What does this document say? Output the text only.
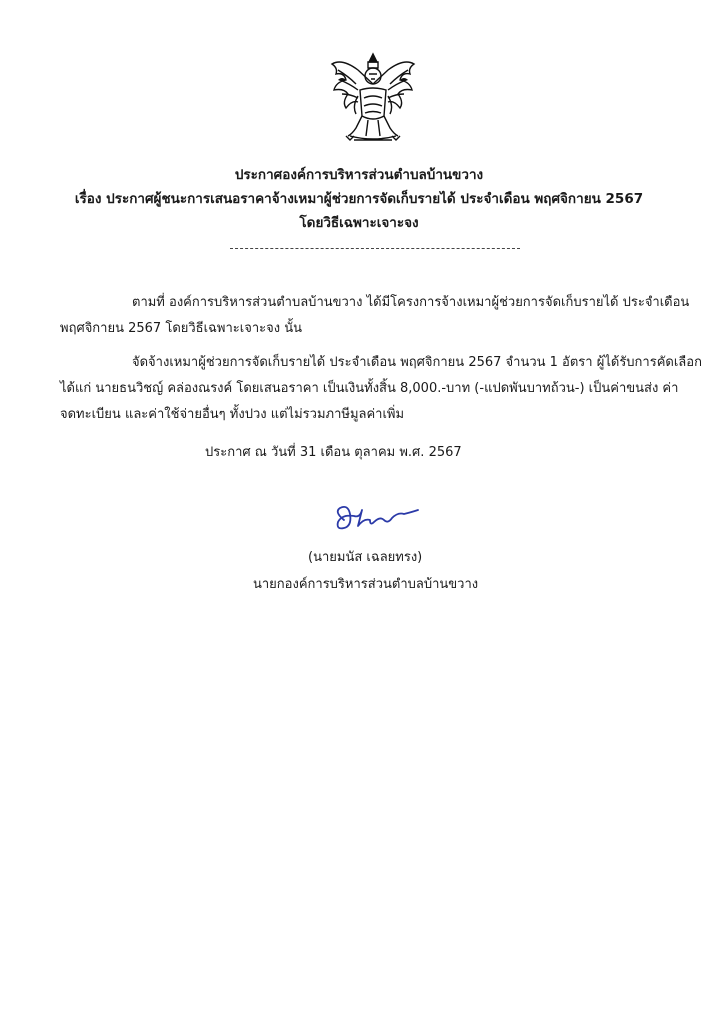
ประกาศองค์การบริหารส่วนตำบลบ้านขวาง
เรื่อง ประกาศผู้ชนะการเสนอราคาจ้างเหมาผู้ช่วยการจัดเก็บรายได้ ประจำเดือน พฤศจิกายน 2567
โดยวิธีเฉพาะเจาะจง
ตามที่ องค์การบริหารส่วนตำบลบ้านขวาง ได้มีโครงการจ้างเหมาผู้ช่วยการจัดเก็บรายได้ ประจำเดือน
พฤศจิกายน 2567 โดยวิธีเฉพาะเจาะจง นั้น
จัดจ้างเหมาผู้ช่วยการจัดเก็บรายได้ ประจำเดือน พฤศจิกายน 2567 จำนวน 1 อัตรา ผู้ได้รับการคัดเลือก
ได้แก่ นายธนวิชญ์ คล่องณรงค์ โดยเสนอราคา เป็นเงินทั้งสิ้น 8,000.-บาท (-แปดพันบาทถ้วน-) เป็นค่าขนส่ง ค่า
จดทะเบียน และค่าใช้จ่ายอื่นๆ ทั้งปวง แต่ไม่รวมภาษีมูลค่าเพิ่ม
ประกาศ ณ วันที่ 31 เดือน ตุลาคม พ.ศ. 2567
(นายมนัส เฉลยทรง)
นายกองค์การบริหารส่วนตำบลบ้านขวาง
